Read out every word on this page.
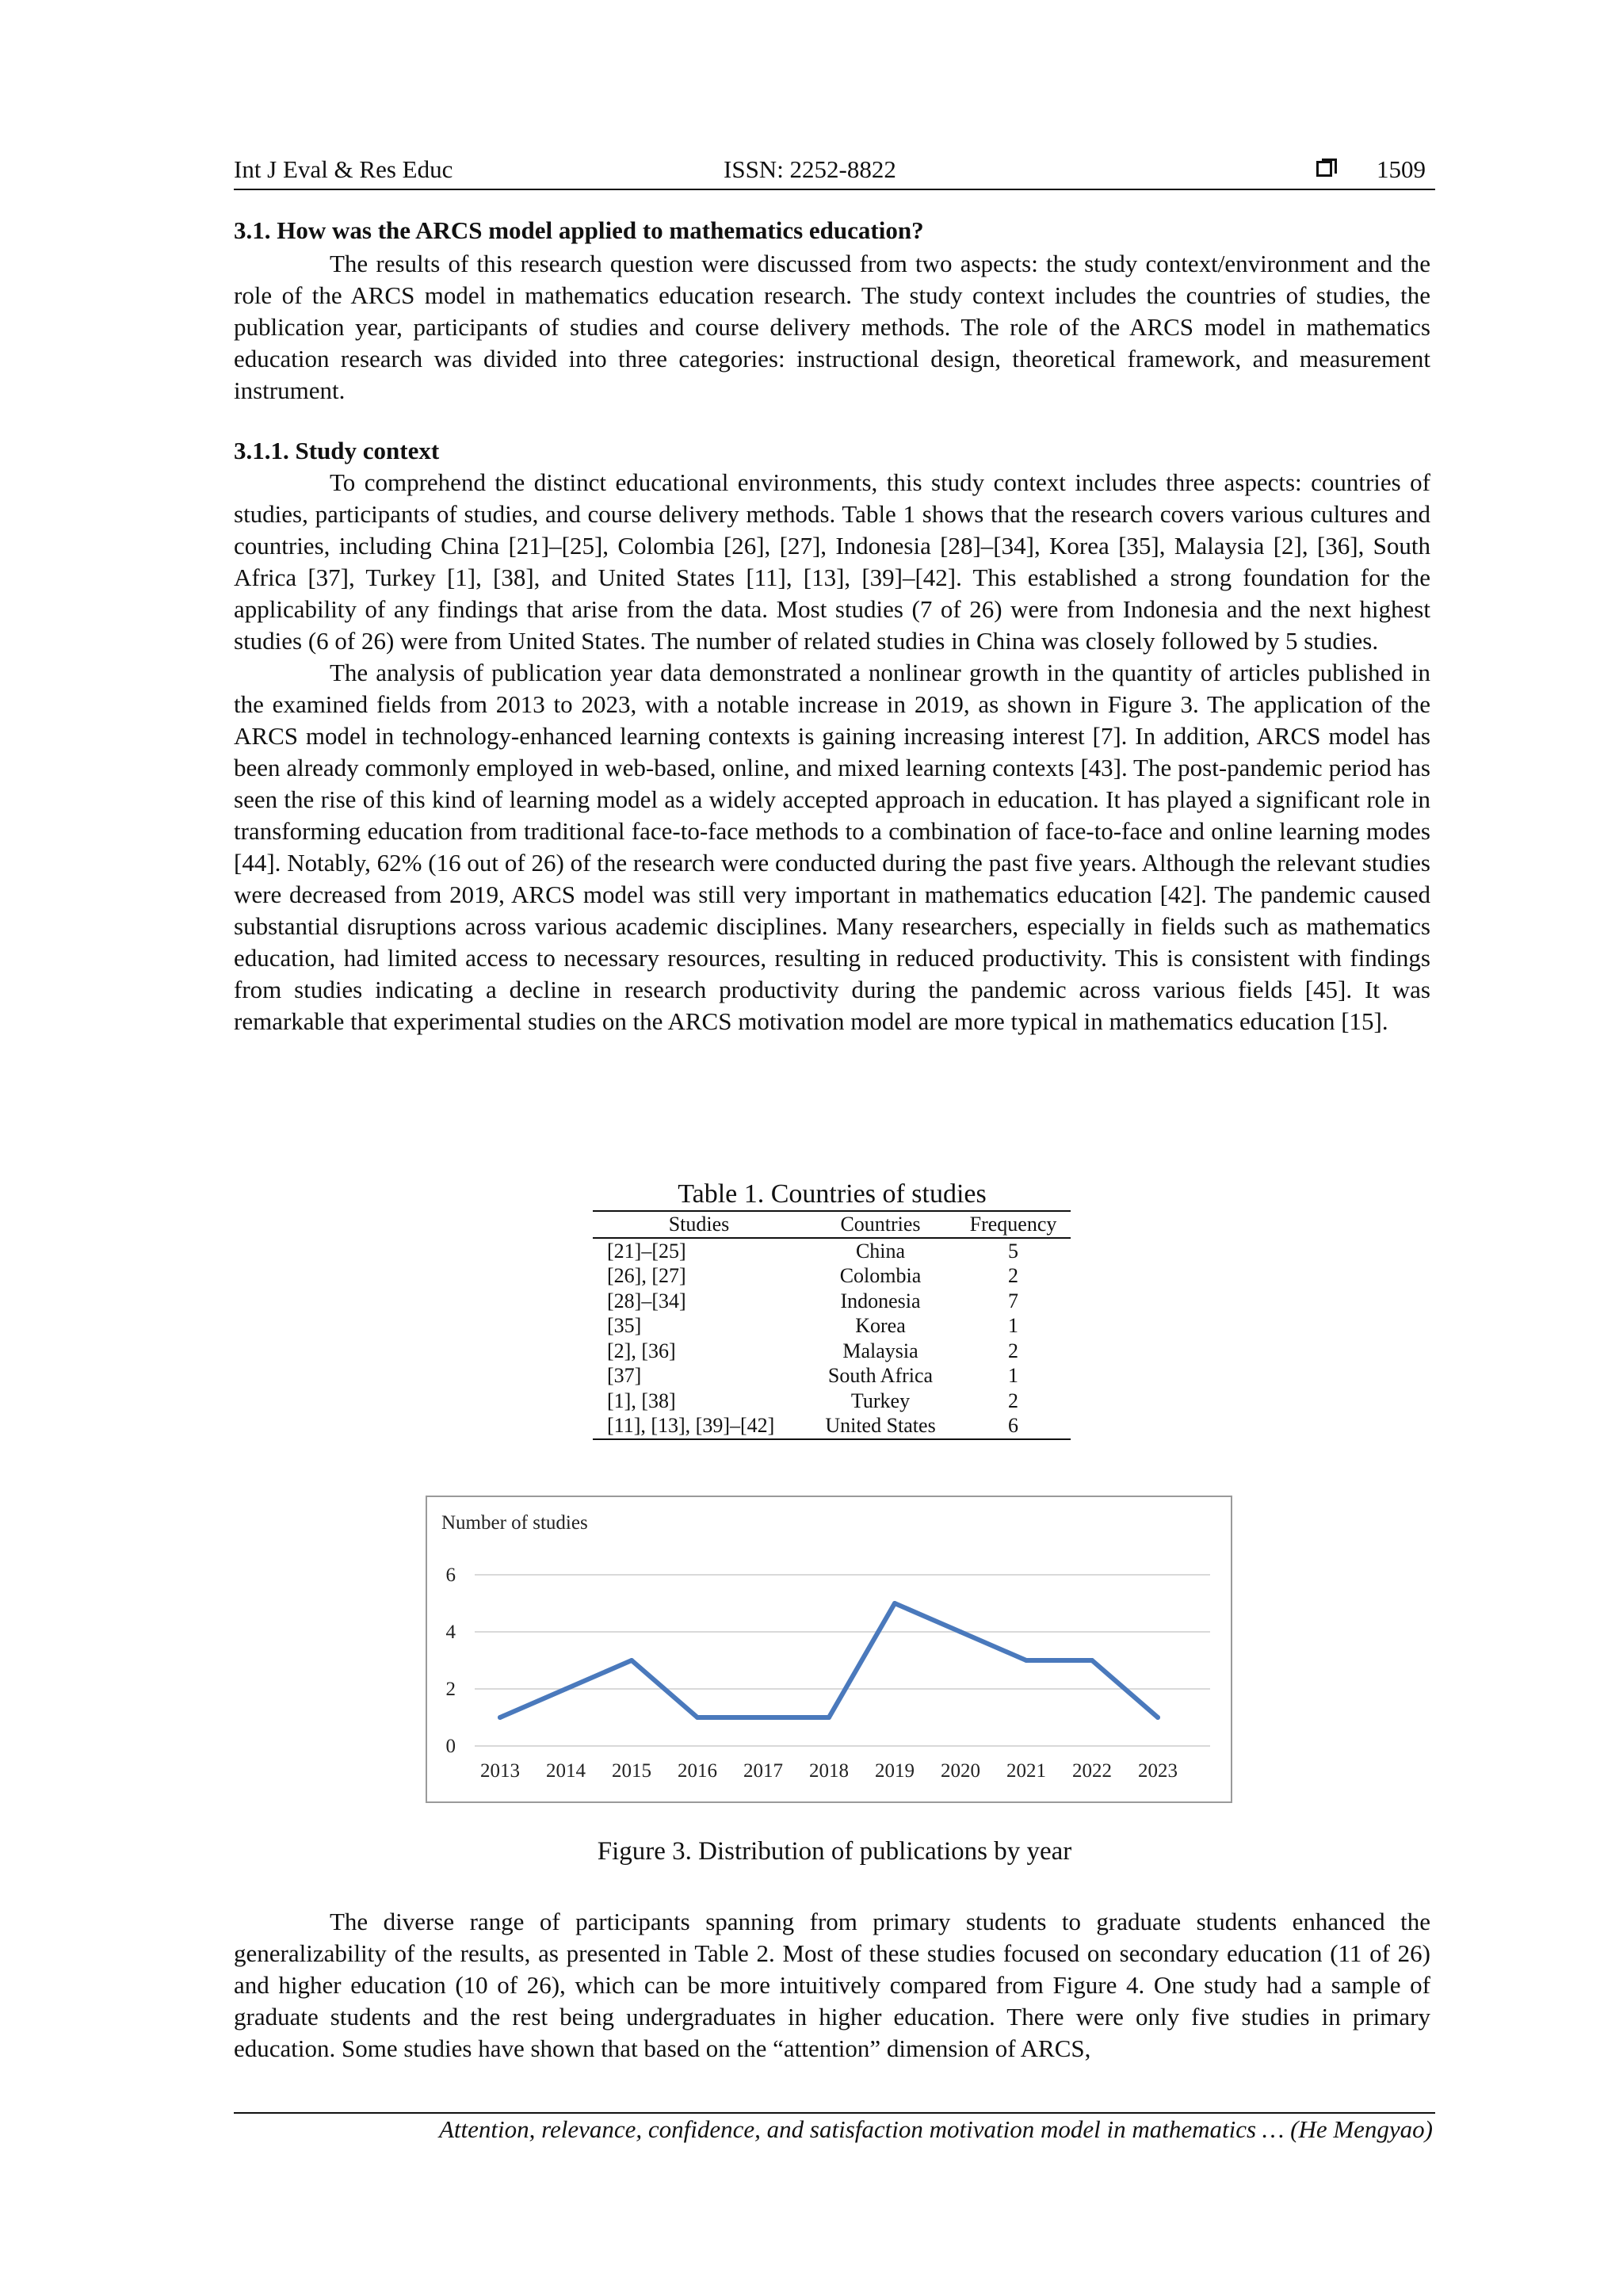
Int J Eval & Res Educ	ISSN: 2252-8822	1509
3.1. How was the ARCS model applied to mathematics education?

The results of this research question were discussed from two aspects: the study context/environment and the role of the ARCS model in mathematics education research. The study context includes the countries of studies, the publication year, participants of studies and course delivery methods. The role of the ARCS model in mathematics education research was divided into three categories: instructional design, theoretical framework, and measurement instrument.

3.1.1. Study context

To comprehend the distinct educational environments, this study context includes three aspects: countries of studies, participants of studies, and course delivery methods. Table 1 shows that the research covers various cultures and countries, including China [21]–[25], Colombia [26], [27], Indonesia [28]–[34], Korea [35], Malaysia [2], [36], South Africa [37], Turkey [1], [38], and United States [11], [13], [39]–[42]. This established a strong foundation for the applicability of any findings that arise from the data. Most studies (7 of 26) were from Indonesia and the next highest studies (6 of 26) were from United States. The number of related studies in China was closely followed by 5 studies.

The analysis of publication year data demonstrated a nonlinear growth in the quantity of articles published in the examined fields from 2013 to 2023, with a notable increase in 2019, as shown in Figure 3. The application of the ARCS model in technology-enhanced learning contexts is gaining increasing interest [7]. In addition, ARCS model has been already commonly employed in web-based, online, and mixed learning contexts [43]. The post-pandemic period has seen the rise of this kind of learning model as a widely accepted approach in education. It has played a significant role in transforming education from traditional face-to-face methods to a combination of face-to-face and online learning modes [44]. Notably, 62% (16 out of 26) of the research were conducted during the past five years. Although the relevant studies were decreased from 2019, ARCS model was still very important in mathematics education [42]. The pandemic caused substantial disruptions across various academic disciplines. Many researchers, especially in fields such as mathematics education, had limited access to necessary resources, resulting in reduced productivity. This is consistent with findings from studies indicating a decline in research productivity during the pandemic across various fields [45]. It was remarkable that experimental studies on the ARCS motivation model are more typical in mathematics education [15].

Table 1. Countries of studies
Studies	Countries	Frequency
[21]–[25]	China	5
[26], [27]	Colombia	2
[28]–[34]	Indonesia	7
[35]	Korea	1
[2], [36]	Malaysia	2
[37]	South Africa	1
[1], [38]	Turkey	2
[11], [13], [39]–[42]	United States	6
0
2
4
6
2013 2014 2015 2016 2017 2018 2019 2020 2021 2022 2023
Number of studies
Figure 3. Distribution of publications by year

The diverse range of participants spanning from primary students to graduate students enhanced the generalizability of the results, as presented in Table 2. Most of these studies focused on secondary education (11 of 26) and higher education (10 of 26), which can be more intuitively compared from Figure 4. One study had a sample of graduate students and the rest being undergraduates in higher education. There were only five studies in primary education. Some studies have shown that based on the “attention” dimension of ARCS,

Attention, relevance, confidence, and satisfaction motivation model in mathematics … (He Mengyao)
